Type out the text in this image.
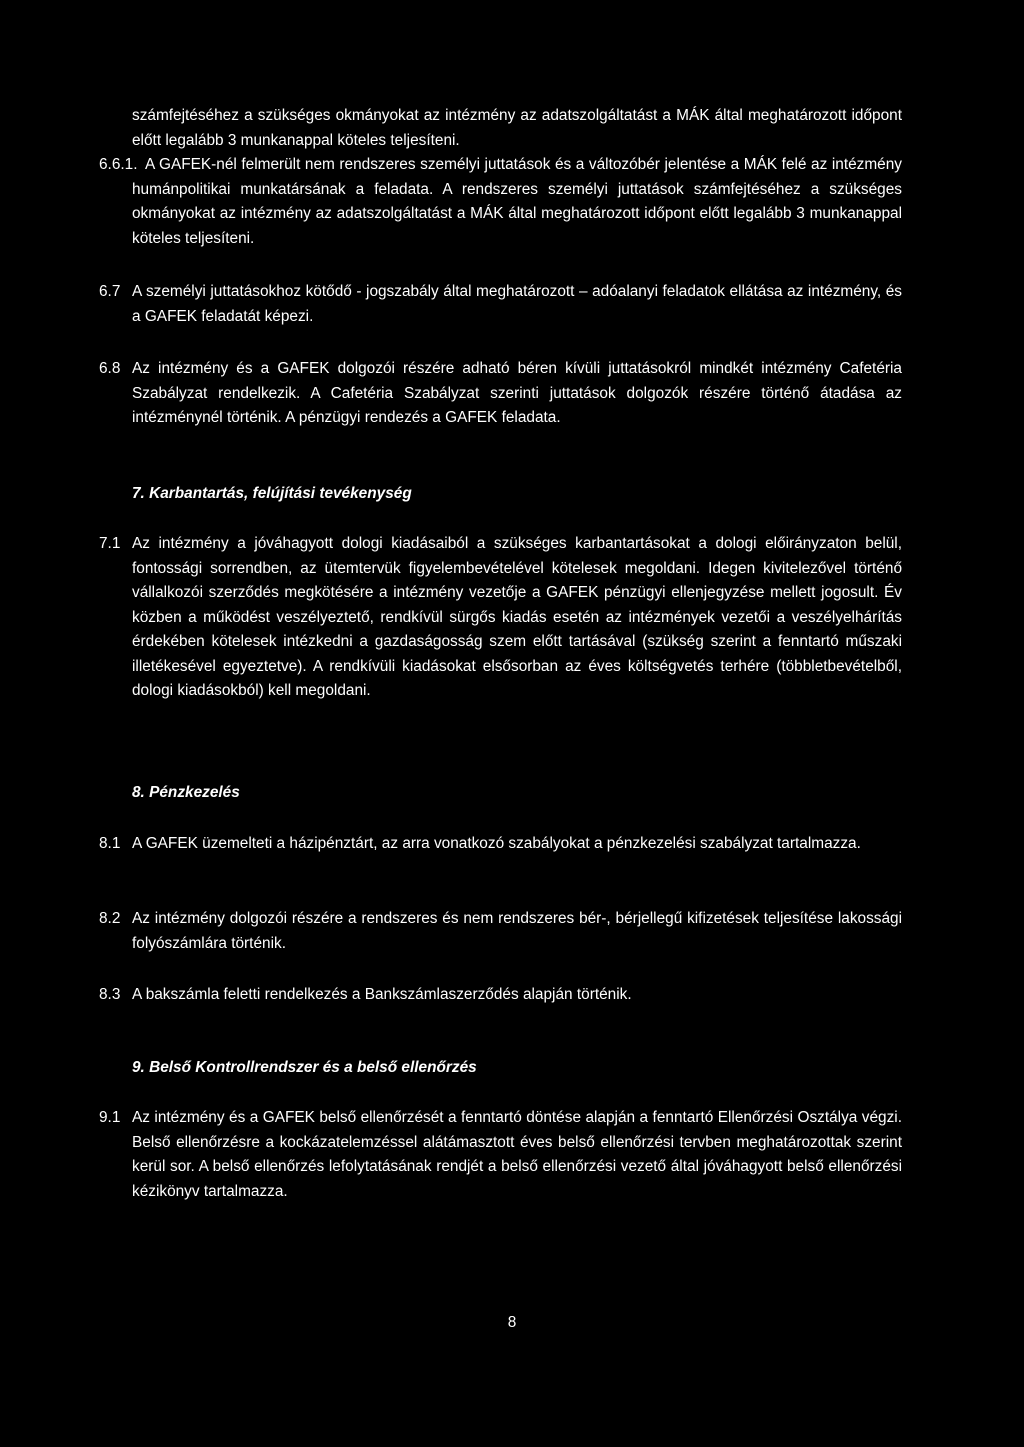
számfejtéséhez a szükséges okmányokat az intézmény az adatszolgáltatást a MÁK által meghatározott időpont előtt legalább 3 munkanappal köteles teljesíteni.

6.6.1. A GAFEK-nél felmerült nem rendszeres személyi juttatások és a változóbér jelentése a MÁK felé az intézmény humánpolitikai munkatársának a feladata. A rendszeres személyi juttatások számfejtéséhez a szükséges okmányokat az intézmény az adatszolgáltatást a MÁK által meghatározott időpont előtt legalább 3 munkanappal köteles teljesíteni.

6.7 A személyi juttatásokhoz kötődő - jogszabály által meghatározott – adóalanyi feladatok ellátása az intézmény, és a GAFEK feladatát képezi.

6.8 Az intézmény és a GAFEK dolgozói részére adható béren kívüli juttatásokról mindkét intézmény Cafetéria Szabályzat rendelkezik. A Cafetéria Szabályzat szerinti juttatások dolgozók részére történő átadása az intézménynél történik. A pénzügyi rendezés a GAFEK feladata.

7. Karbantartás, felújítási tevékenység

7.1 Az intézmény a jóváhagyott dologi kiadásaiból a szükséges karbantartásokat a dologi előirányzaton belül, fontossági sorrendben, az ütemtervük figyelembevételével kötelesek megoldani. Idegen kivitelezővel történő vállalkozói szerződés megkötésére a intézmény vezetője a GAFEK pénzügyi ellenjegyzése mellett jogosult. Év közben a működést veszélyeztető, rendkívül sürgős kiadás esetén az intézmények vezetői a veszélyelhárítás érdekében kötelesek intézkedni a gazdaságosság szem előtt tartásával (szükség szerint a fenntartó műszaki illetékesével egyeztetve). A rendkívüli kiadásokat elsősorban az éves költségvetés terhére (többletbevételből, dologi kiadásokból) kell megoldani.

8. Pénzkezelés

8.1 A GAFEK üzemelteti a házipénztárt, az arra vonatkozó szabályokat a pénzkezelési szabályzat tartalmazza.

8.2 Az intézmény dolgozói részére a rendszeres és nem rendszeres bér-, bérjellegű kifizetések teljesítése lakossági folyószámlára történik.

8.3 A bakszámla feletti rendelkezés a Bankszámlaszerződés alapján történik.

9. Belső Kontrollrendszer és a belső ellenőrzés

9.1 Az intézmény és a GAFEK belső ellenőrzését a fenntartó döntése alapján a fenntartó Ellenőrzési Osztálya végzi. Belső ellenőrzésre a kockázatelemzéssel alátámasztott éves belső ellenőrzési tervben meghatározottak szerint kerül sor. A belső ellenőrzés lefolytatásának rendjét a belső ellenőrzési vezető által jóváhagyott belső ellenőrzési kézikönyv tartalmazza.

8
